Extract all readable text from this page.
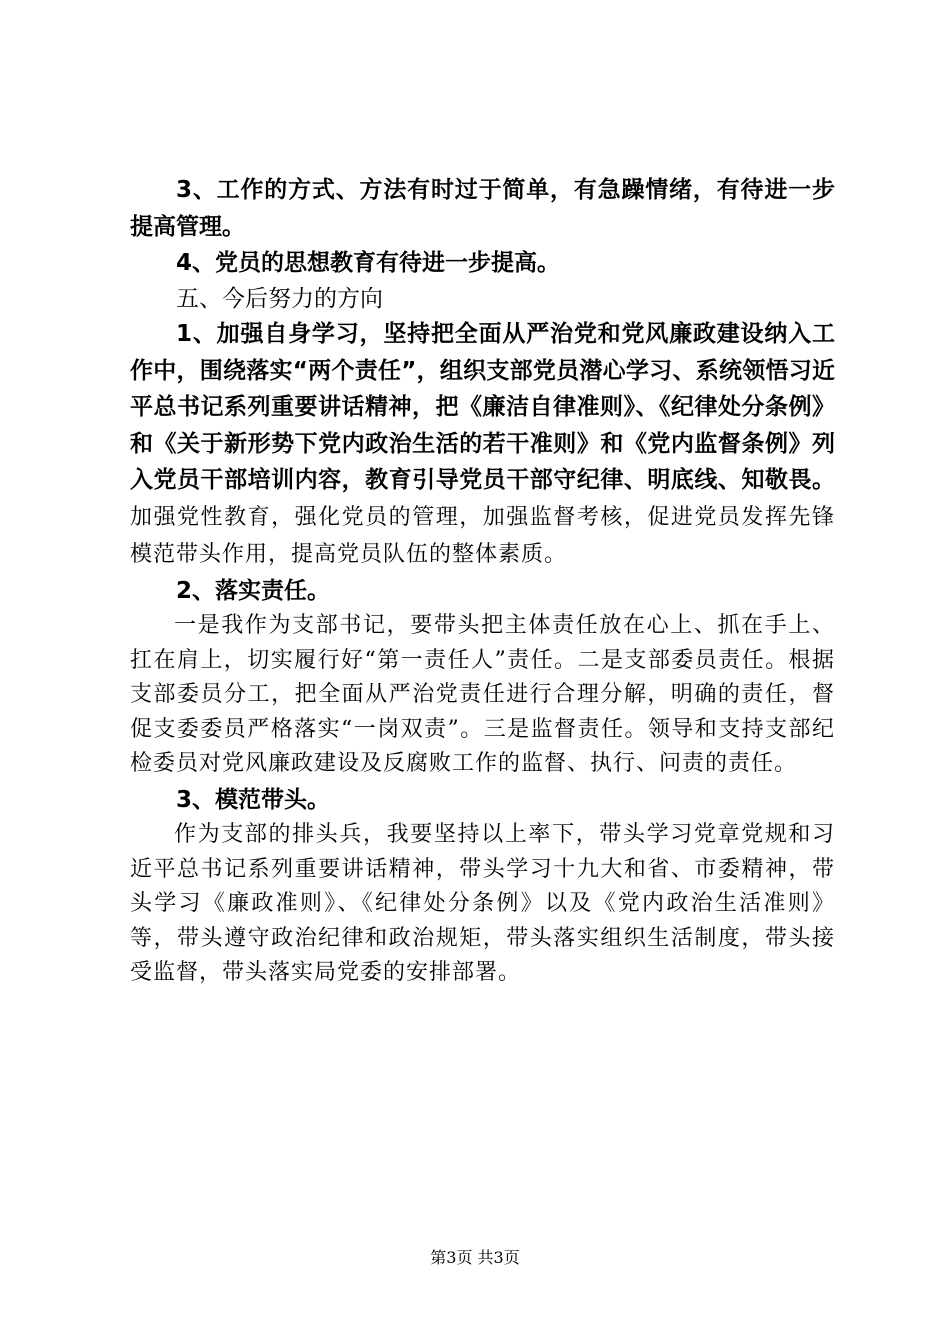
3、工作的方式、方法有时过于简单，有急躁情绪，有待进一步提高管理。

4、党员的思想教育有待进一步提高。

五、今后努力的方向

1、加强自身学习，坚持把全面从严治党和党风廉政建设纳入工作中，围绕落实“两个责任”，组织支部党员潜心学习、系统领悟习近平总书记系列重要讲话精神，把《廉洁自律准则》、《纪律处分条例》和《关于新形势下党内政治生活的若干准则》和《党内监督条例》列入党员干部培训内容，教育引导党员干部守纪律、明底线、知敬畏。加强党性教育，强化党员的管理，加强监督考核，促进党员发挥先锋模范带头作用，提高党员队伍的整体素质。

2、落实责任。

一是我作为支部书记，要带头把主体责任放在心上、抓在手上、扛在肩上，切实履行好“第一责任人”责任。二是支部委员责任。根据支部委员分工，把全面从严治党责任进行合理分解，明确的责任，督促支委委员严格落实“一岗双责”。三是监督责任。领导和支持支部纪检委员对党风廉政建设及反腐败工作的监督、执行、问责的责任。

3、模范带头。

作为支部的排头兵，我要坚持以上率下，带头学习党章党规和习近平总书记系列重要讲话精神，带头学习十九大和省、市委精神，带头学习《廉政准则》、《纪律处分条例》以及《党内政治生活准则》等，带头遵守政治纪律和政治规矩，带头落实组织生活制度，带头接受监督，带头落实局党委的安排部署。

第3页 共3页
